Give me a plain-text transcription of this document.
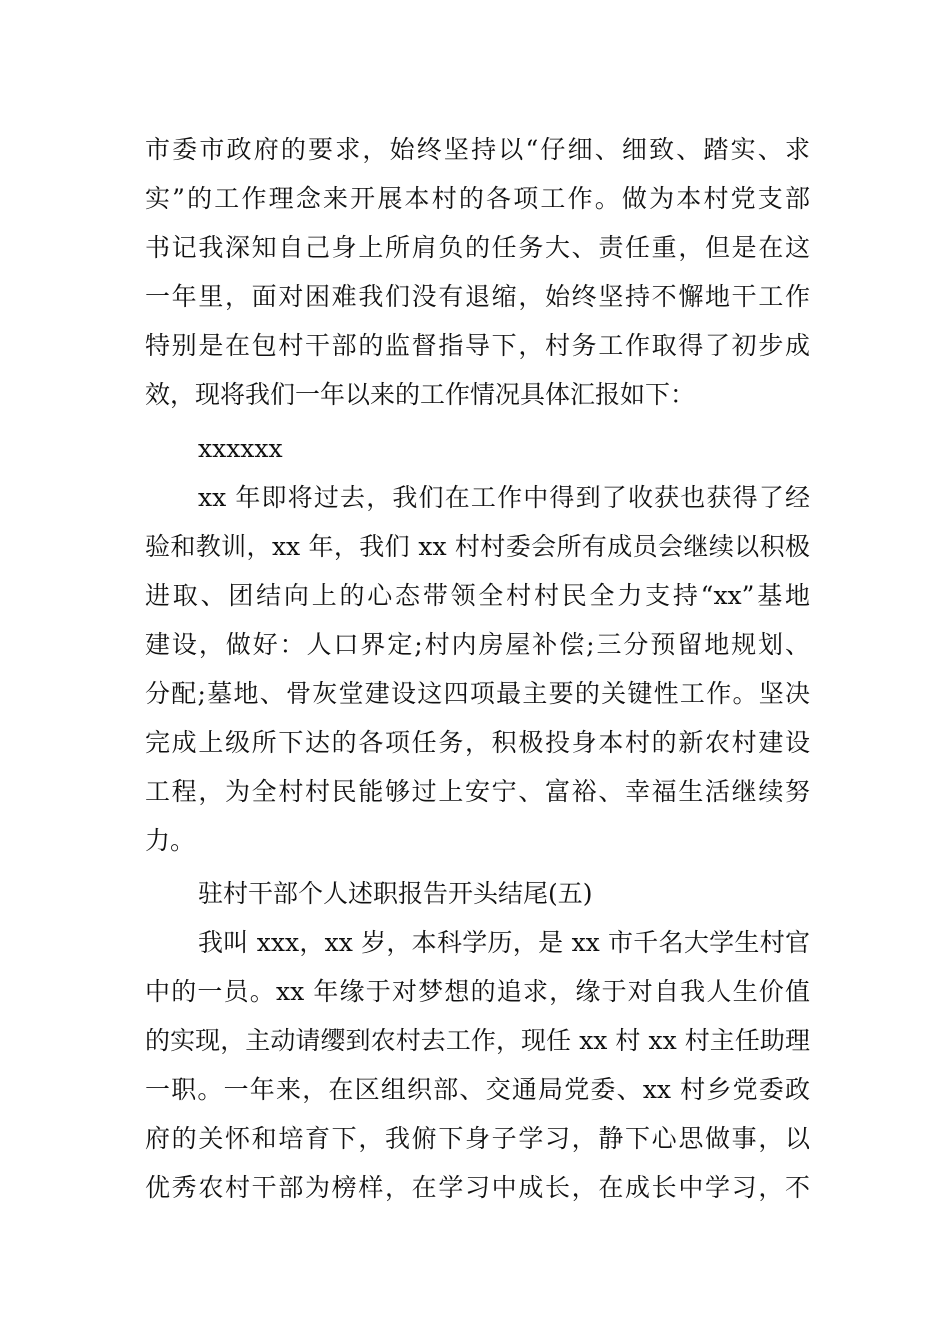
市委市政府的要求，始终坚持以“仔细、细致、踏实、求
实”的工作理念来开展本村的各项工作。做为本村党支部
书记我深知自己身上所肩负的任务大、责任重，但是在这
一年里，面对困难我们没有退缩，始终坚持不懈地干工作
特别是在包村干部的监督指导下，村务工作取得了初步成
效，现将我们一年以来的工作情况具体汇报如下：
xxxxxx
xx 年即将过去，我们在工作中得到了收获也获得了经
验和教训，xx 年，我们 xx 村村委会所有成员会继续以积极
进取、团结向上的心态带领全村村民全力支持“xx”基地
建设，做好：人口界定;村内房屋补偿;三分预留地规划、
分配;墓地、骨灰堂建设这四项最主要的关键性工作。坚决
完成上级所下达的各项任务，积极投身本村的新农村建设
工程，为全村村民能够过上安宁、富裕、幸福生活继续努
力。
驻村干部个人述职报告开头结尾(五)
我叫 xxx，xx 岁，本科学历，是 xx 市千名大学生村官
中的一员。xx 年缘于对梦想的追求，缘于对自我人生价值
的实现，主动请缨到农村去工作，现任 xx 村 xx 村主任助理
一职。一年来，在区组织部、交通局党委、xx 村乡党委政
府的关怀和培育下，我俯下身子学习，静下心思做事，以
优秀农村干部为榜样，在学习中成长，在成长中学习，不
